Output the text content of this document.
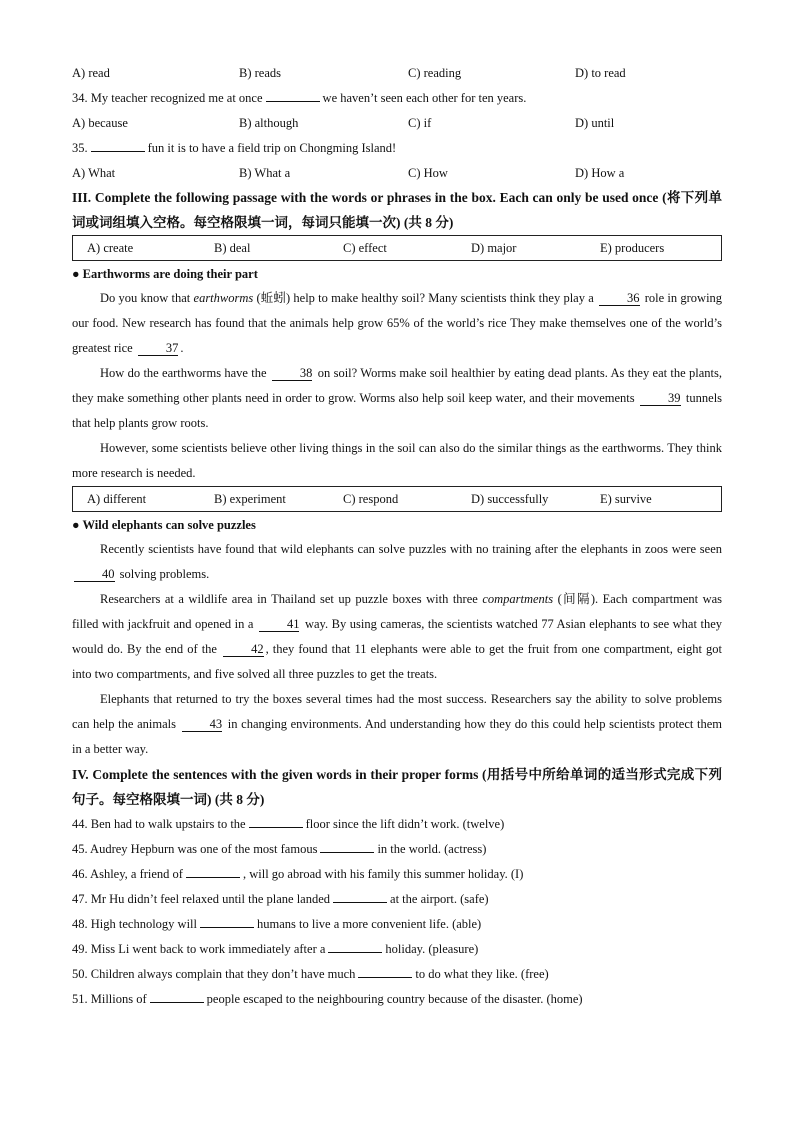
A) read	B) reads	C) reading	D) to read
34. My teacher recognized me at once	we haven’t seen each other for ten years.
A) because	B) although	C) if	D) until
35.	fun it is to have a field trip on Chongming Island!
A) What	B) What a	C) How	D) How a
III. Complete the following passage with the words or phrases in the box. Each can only be used once (将下列单词或词组填入空格。每空格限填一词，每词只能填一次) (共 8 分)
A) create	B) deal	C) effect	D) major	E) producers
● Earthworms are doing their part

Do you know that earthworms (蚯蚓) help to make healthy soil? Many scientists think they play a	36 role in growing our food. New research has found that the animals help grow 65% of the world’s rice They make themselves one of the world’s greatest rice	37 .

How do the earthworms have the	38 on soil? Worms make soil healthier by eating dead plants. As they eat the plants, they make something other plants need in order to grow. Worms also help soil keep water, and their movements	39 tunnels that help plants grow roots.

However, some scientists believe other living things in the soil can also do the similar things as the earthworms. They think more research is needed.

A) different	B) experiment	C) respond	D) successfully	E) survive
● Wild elephants can solve puzzles

Recently scientists have found that wild elephants can solve puzzles with no training after the elephants in zoos were seen 40 solving problems.

Researchers at a wildlife area in Thailand set up puzzle boxes with three compartments (间隔). Each compartment was filled with jackfruit and opened in a	41 way. By using cameras, the scientists watched 77 Asian elephants to see what they would do. By the end of the	42 , they found that 11 elephants were able to get the fruit from one compartment, eight got into two compartments, and five solved all three puzzles to get the treats.

Elephants that returned to try the boxes several times had the most success. Researchers say the ability to solve problems can help the animals	43 in changing environments. And understanding how they do this could help scientists protect them in a better way.

IV. Complete the sentences with the given words in their proper forms (用括号中所给单词的适当形式完成下列句子。每空格限填一词) (共 8 分)
44. Ben had to walk upstairs to the	floor since the lift didn’t work. (twelve)
45. Audrey Hepburn was one of the most famous	in the world. (actress)
46. Ashley, a friend of	, will go abroad with his family this summer holiday. (I)
47. Mr Hu didn’t feel relaxed until the plane landed	at the airport. (safe)
48. High technology will	humans to live a more convenient life. (able)
49. Miss Li went back to work immediately after a	holiday. (pleasure)
50. Children always complain that they don’t have much	to do what they like. (free)
51. Millions of	people escaped to the neighbouring country because of the disaster. (home)
